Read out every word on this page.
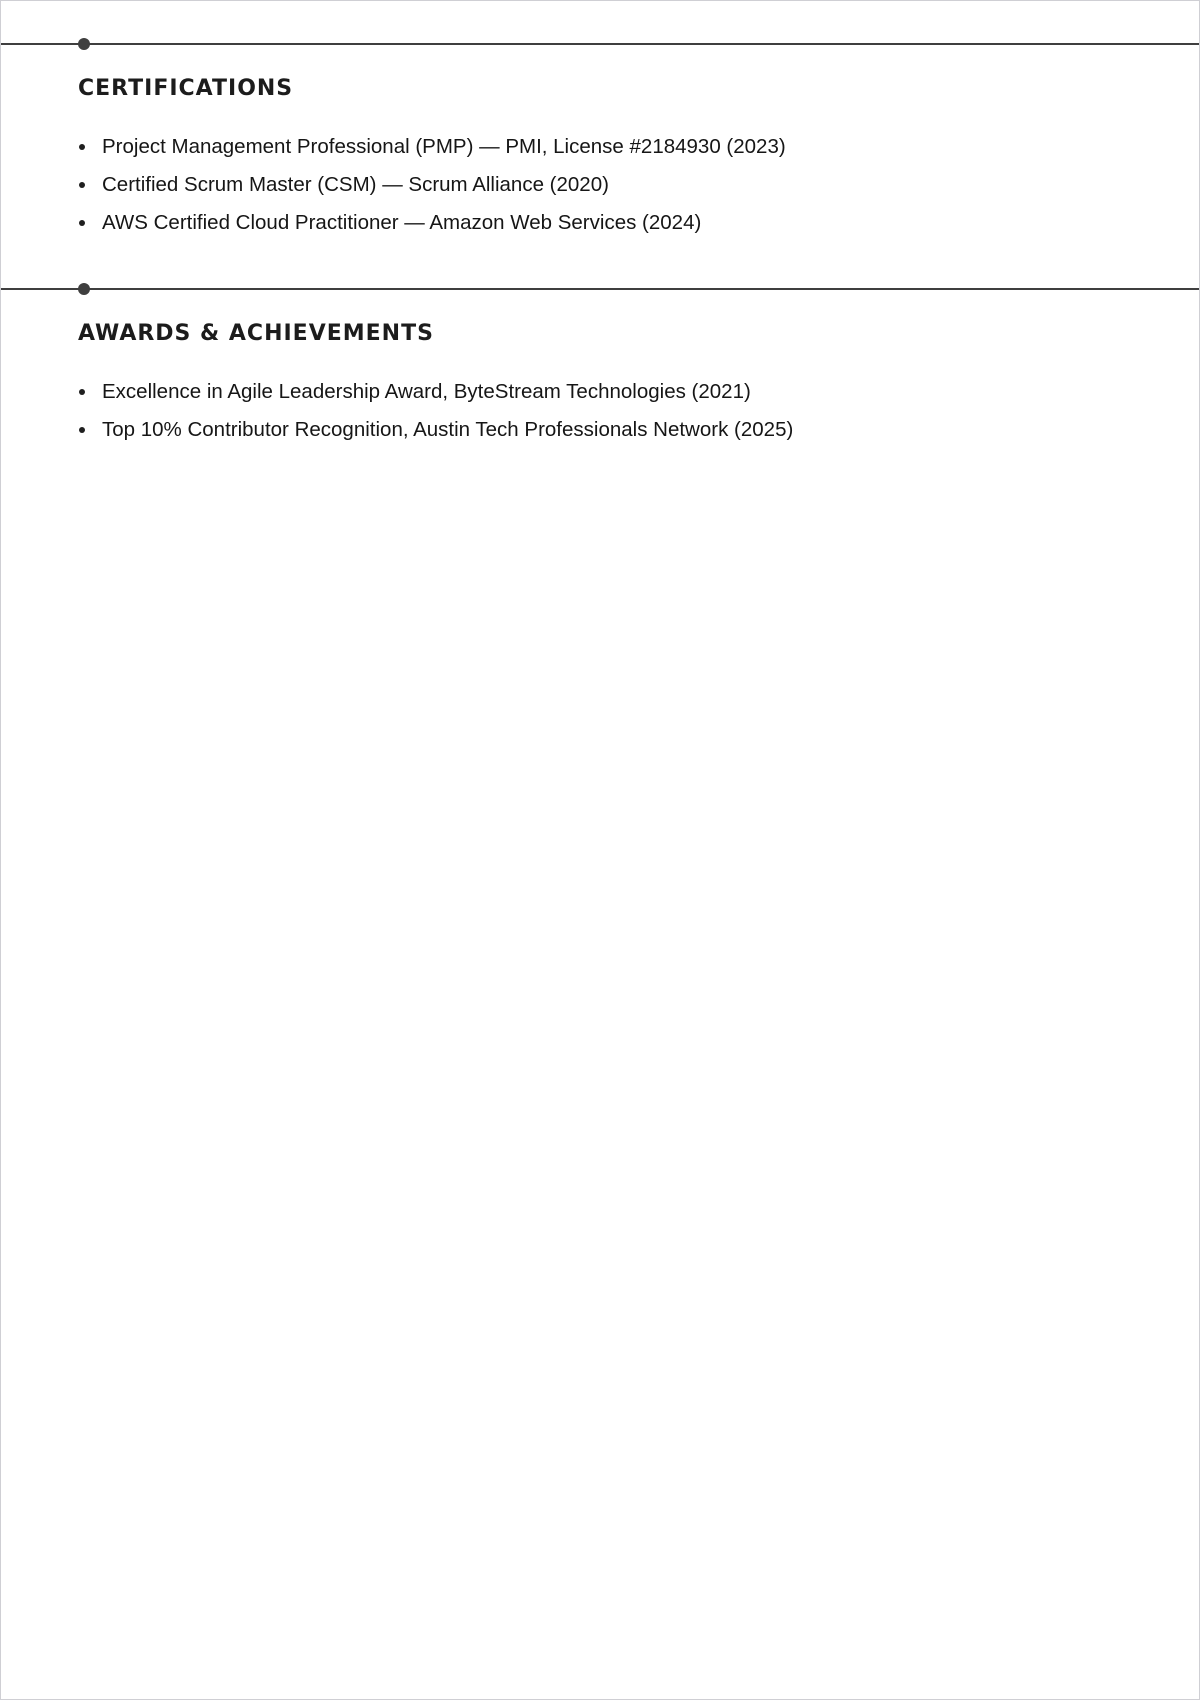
CERTIFICATIONS
Project Management Professional (PMP) — PMI, License #2184930 (2023)
Certified Scrum Master (CSM) — Scrum Alliance (2020)
AWS Certified Cloud Practitioner — Amazon Web Services (2024)
AWARDS & ACHIEVEMENTS
Excellence in Agile Leadership Award, ByteStream Technologies (2021)
Top 10% Contributor Recognition, Austin Tech Professionals Network (2025)
